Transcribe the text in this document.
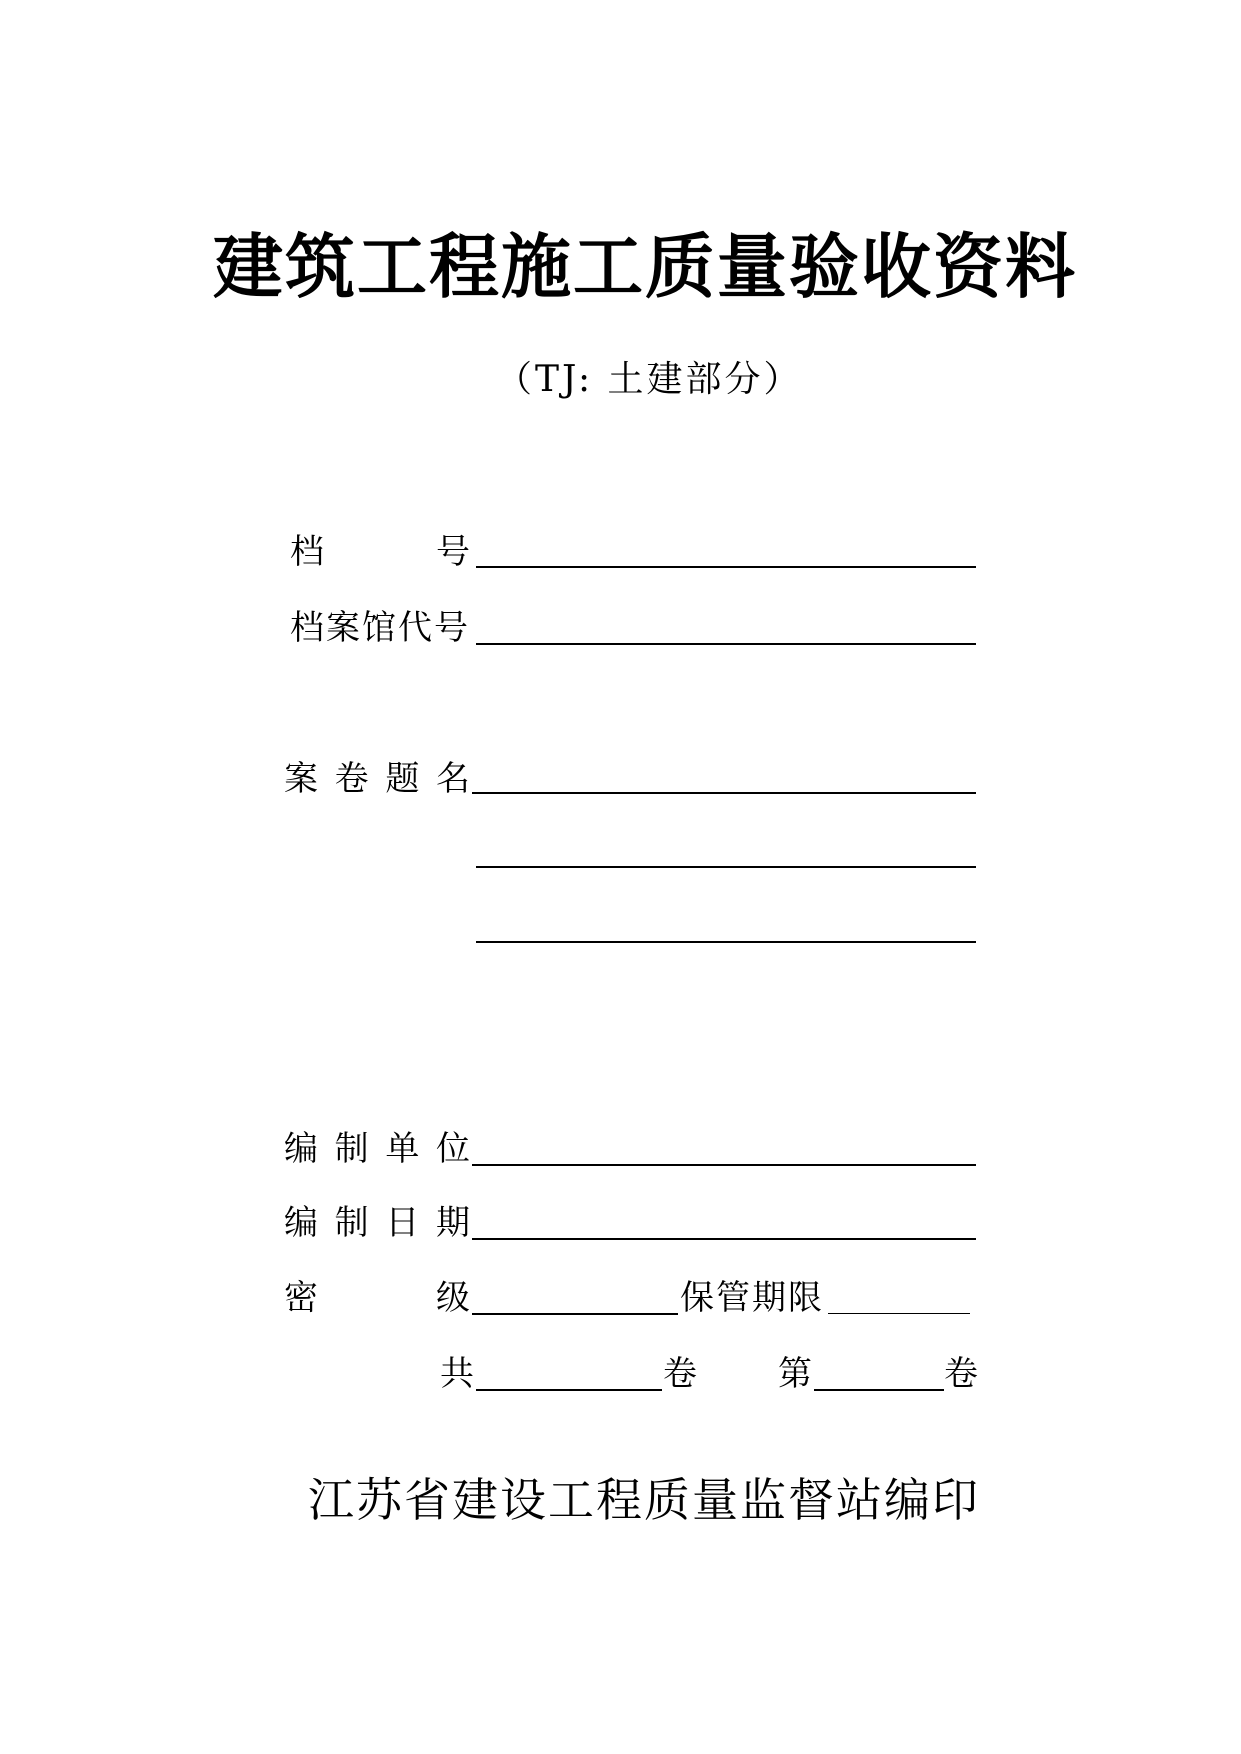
建筑工程施工质量验收资料
（TJ: 土建部分）
档	号
档案馆代号
案 卷 题 名
编 制 单 位
编 制 日 期
密	级	保管期限
共	卷 第	卷
江苏省建设工程质量监督站编印
